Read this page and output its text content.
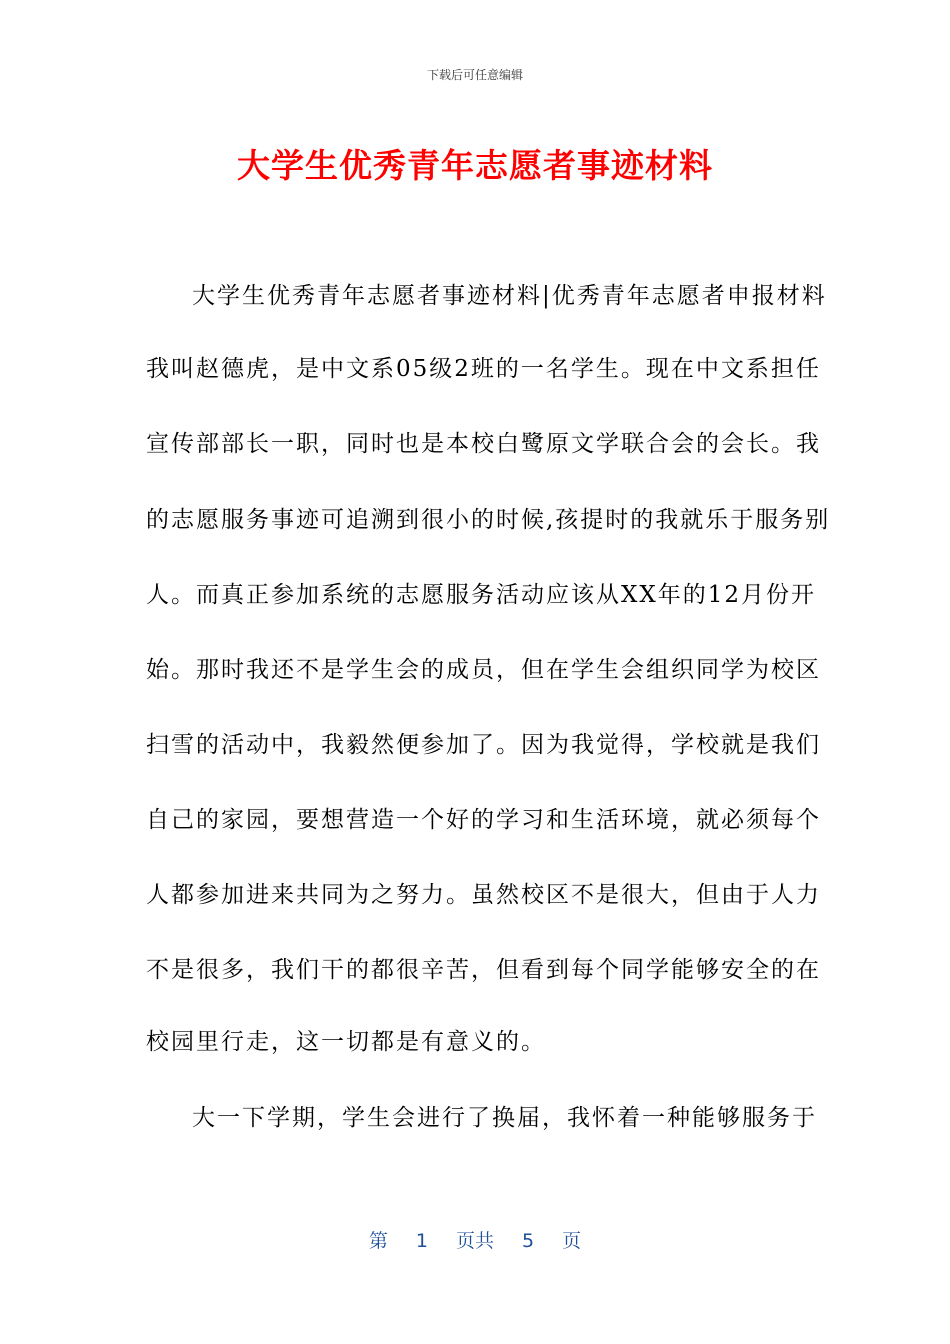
下载后可任意编辑
大学生优秀青年志愿者事迹材料
大学生优秀青年志愿者事迹材料|优秀青年志愿者申报材料
我叫赵德虎，是中文系05级2班的一名学生。现在中文系担任
宣传部部长一职，同时也是本校白鹭原文学联合会的会长。我
的志愿服务事迹可追溯到很小的时候,孩提时的我就乐于服务别
人。而真正参加系统的志愿服务活动应该从XX年的12月份开
始。那时我还不是学生会的成员，但在学生会组织同学为校区
扫雪的活动中，我毅然便参加了。因为我觉得，学校就是我们
自己的家园，要想营造一个好的学习和生活环境，就必须每个
人都参加进来共同为之努力。虽然校区不是很大，但由于人力
不是很多，我们干的都很辛苦，但看到每个同学能够安全的在
校园里行走，这一切都是有意义的。
大一下学期，学生会进行了换届，我怀着一种能够服务于
第 1 页共 5 页
